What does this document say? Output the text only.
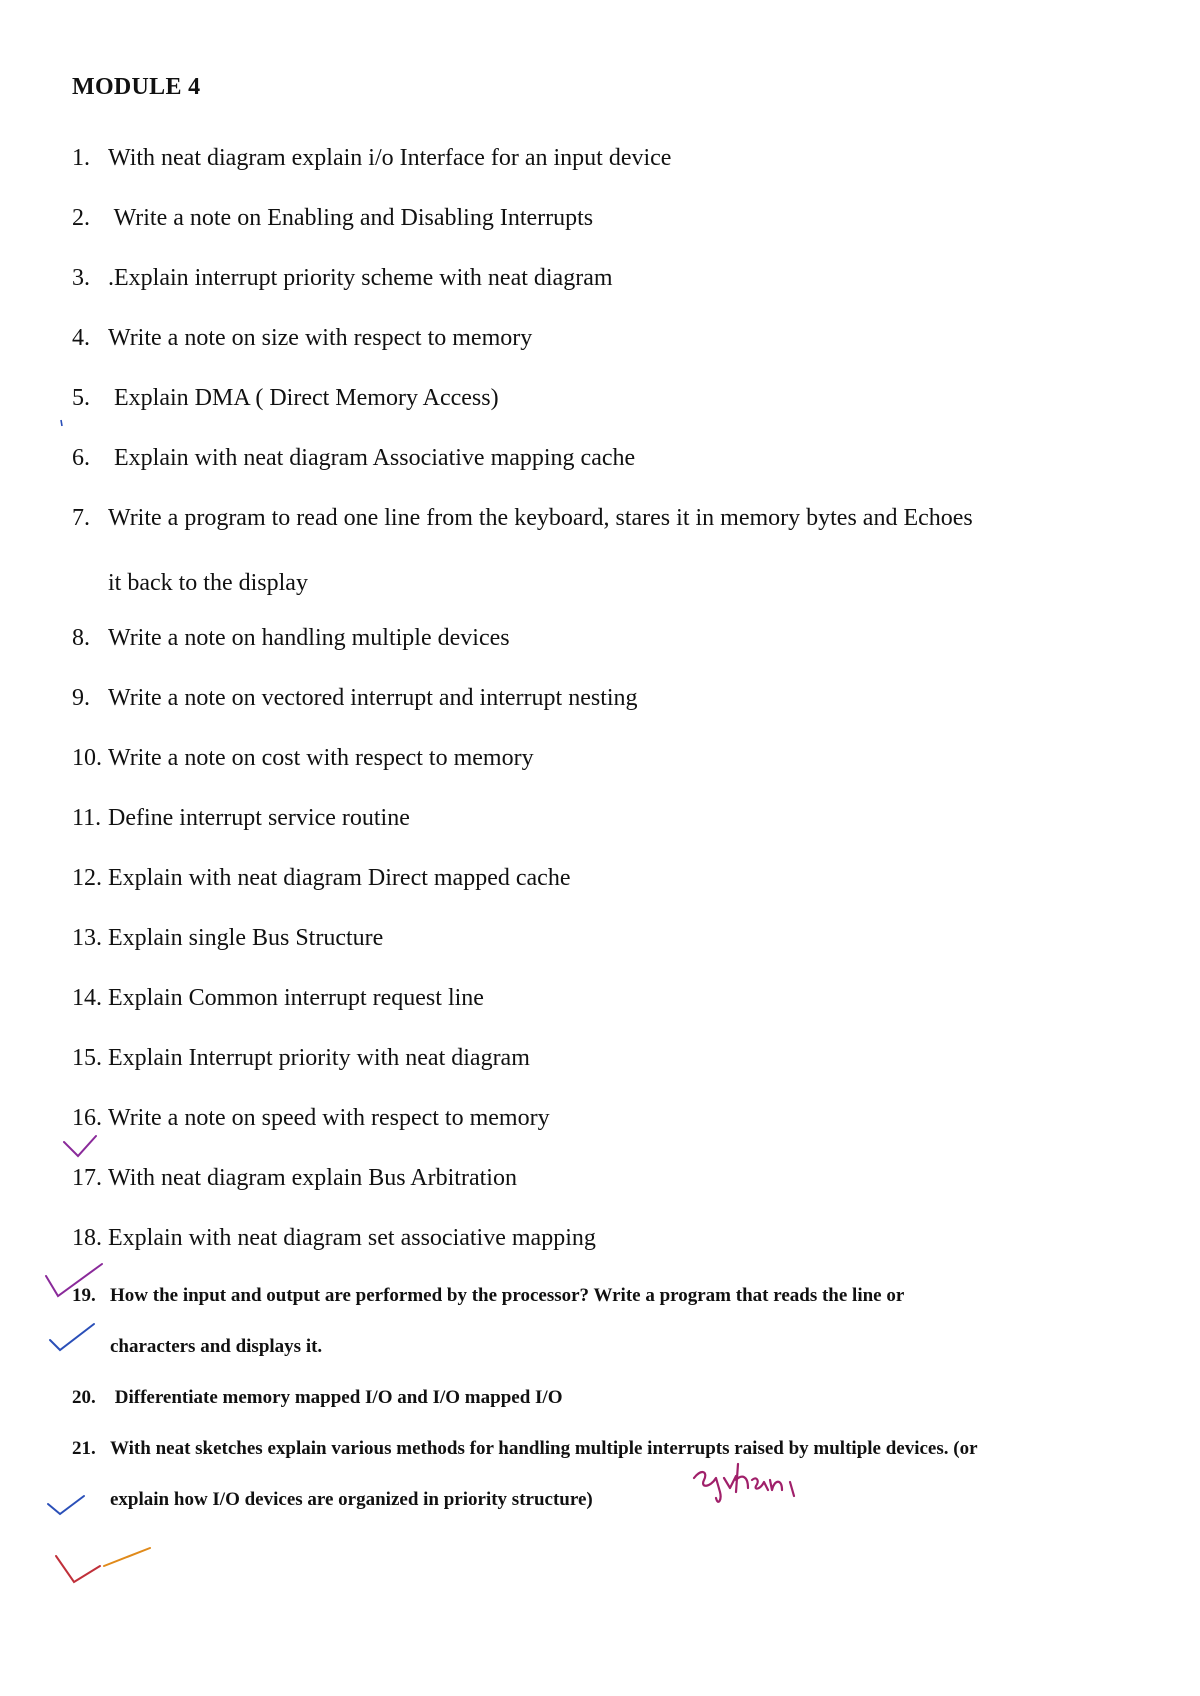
MODULE 4
1. With neat diagram explain i/o Interface for an input device
2. Write a note on Enabling and Disabling Interrupts
3. .Explain interrupt priority scheme with neat diagram
4. Write a note on size with respect to memory
5. Explain DMA ( Direct Memory Access)
6. Explain with neat diagram Associative mapping cache
7. Write a program to read one line from the keyboard, stares it in memory bytes and Echoes
it back to the display
8. Write a note on handling multiple devices
9. Write a note on vectored interrupt and interrupt nesting
10. Write a note on cost with respect to memory
11. Define interrupt service routine
12. Explain with neat diagram Direct mapped cache
13. Explain single Bus Structure
14. Explain Common interrupt request line
15. Explain Interrupt priority with neat diagram
16. Write a note on speed with respect to memory
17. With neat diagram explain Bus Arbitration
18. Explain with neat diagram set associative mapping
19. How the input and output are performed by the processor? Write a program that reads the line or
characters and displays it.
20. Differentiate memory mapped I/O and I/O mapped I/O
21. With neat sketches explain various methods for handling multiple interrupts raised by multiple devices. (or
explain how I/O devices are organized in priority structure)
